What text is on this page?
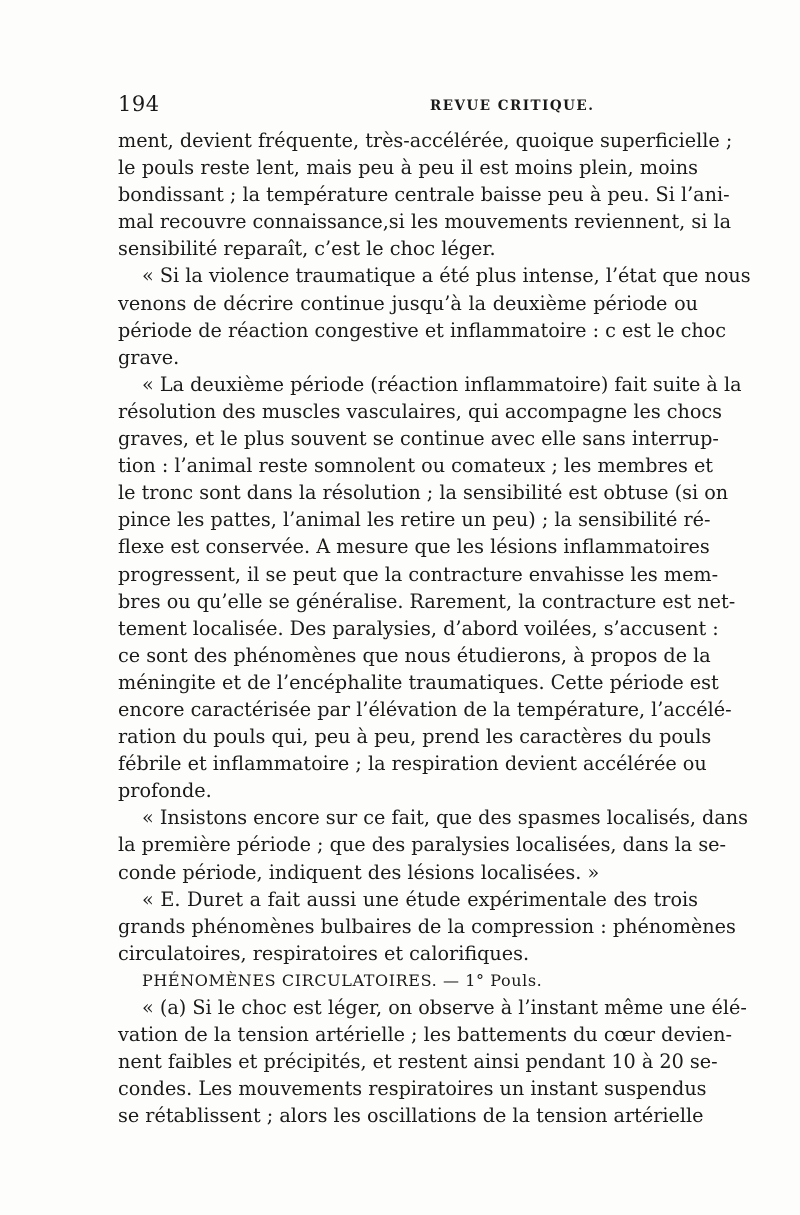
194	REVUE CRITIQUE.
ment, devient fréquente, très-accélérée, quoique superficielle ;
le pouls reste lent, mais peu à peu il est moins plein, moins
bondissant ; la température centrale baisse peu à peu. Si l’ani-
mal recouvre connaissance,si les mouvements reviennent, si la
sensibilité reparaît, c’est le choc léger.
« Si la violence traumatique a été plus intense, l’état que nous
venons de décrire continue jusqu’à la deuxième période ou
période de réaction congestive et inflammatoire : c est le choc
grave.
« La deuxième période (réaction inflammatoire) fait suite à la
résolution des muscles vasculaires, qui accompagne les chocs
graves, et le plus souvent se continue avec elle sans interrup-
tion : l’animal reste somnolent ou comateux ; les membres et
le tronc sont dans la résolution ; la sensibilité est obtuse (si on
pince les pattes, l’animal les retire un peu) ; la sensibilité ré-
flexe est conservée. A mesure que les lésions inflammatoires
progressent, il se peut que la contracture envahisse les mem-
bres ou qu’elle se généralise. Rarement, la contracture est net-
tement localisée. Des paralysies, d’abord voilées, s’accusent :
ce sont des phénomènes que nous étudierons, à propos de la
méningite et de l’encéphalite traumatiques. Cette période est
encore caractérisée par l’élévation de la température, l’accélé-
ration du pouls qui, peu à peu, prend les caractères du pouls
fébrile et inflammatoire ; la respiration devient accélérée ou
profonde.
« Insistons encore sur ce fait, que des spasmes localisés, dans
la première période ; que des paralysies localisées, dans la se-
conde période, indiquent des lésions localisées. »
« E. Duret a fait aussi une étude expérimentale des trois
grands phénomènes bulbaires de la compression : phénomènes
circulatoires, respiratoires et calorifiques.
PHÉNOMÈNES CIRCULATOIRES. — 1° Pouls.
« (a) Si le choc est léger, on observe à l’instant même une élé-
vation de la tension artérielle ; les battements du cœur devien-
nent faibles et précipités, et restent ainsi pendant 10 à 20 se-
condes. Les mouvements respiratoires un instant suspendus
se rétablissent ; alors les oscillations de la tension artérielle
